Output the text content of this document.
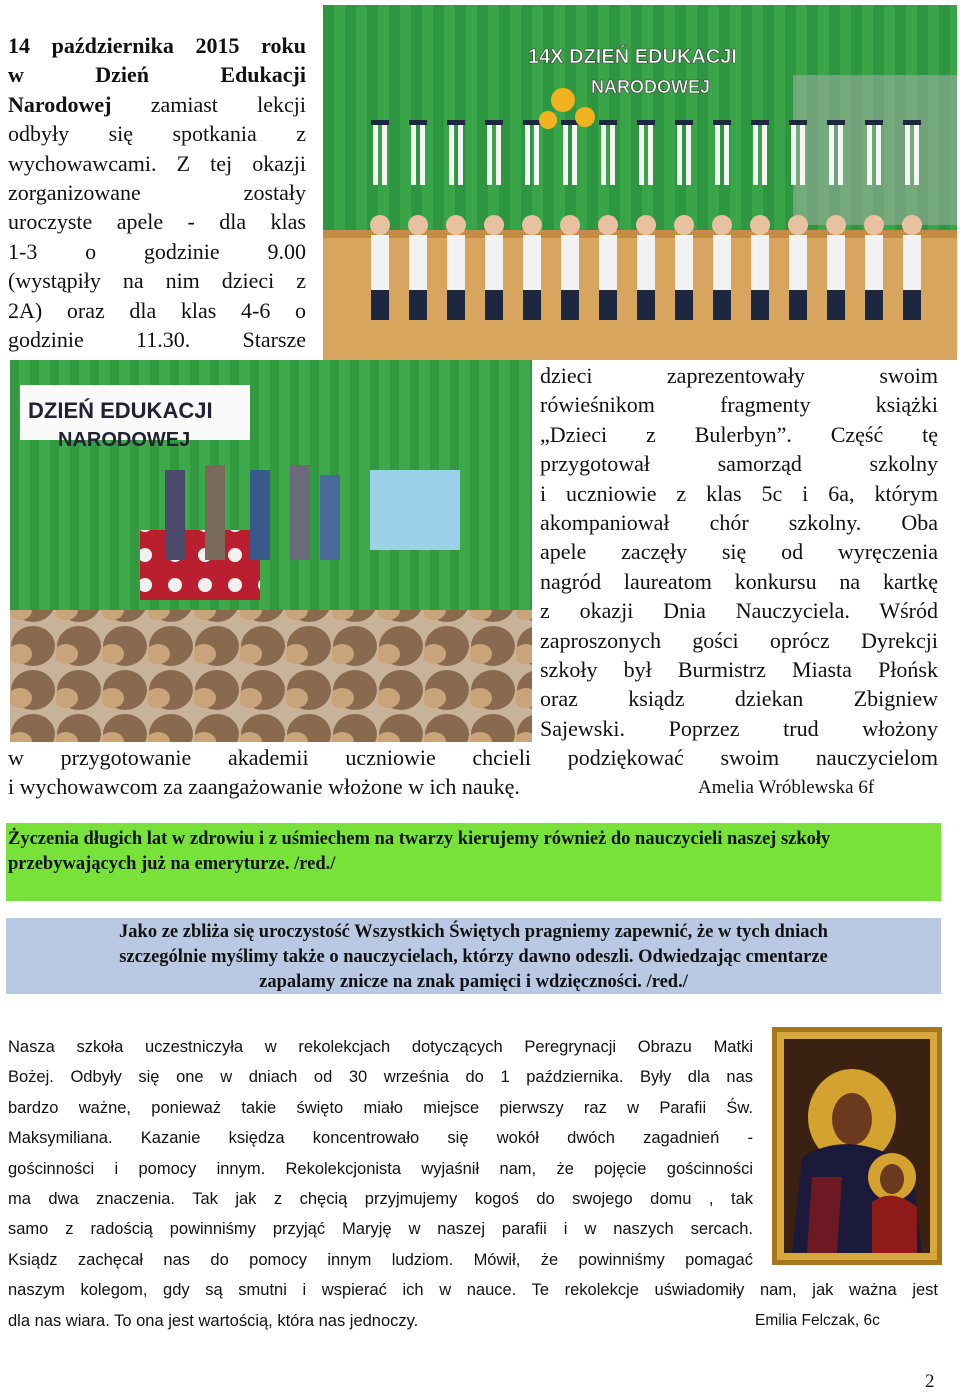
14 października 2015 roku
w Dzień Edukacji
Narodowej zamiast lekcji
odbyły się spotkania z
wychowawcami. Z tej okazji
zorganizowane zostały
uroczyste apele - dla klas
1-3 o godzinie 9.00
(wystąpiły na nim dzieci z
2A) oraz dla klas 4-6 o
godzinie 11.30. Starsze
14X DZIEŃ EDUKACJI
NARODOWEJ
DZIEŃ EDUKACJI
NARODOWEJ
dzieci zaprezentowały swoim
rówieśnikom fragmenty książki
„Dzieci z Bulerbyn”. Część tę
przygotował samorząd szkolny
i uczniowie z klas 5c i 6a, którym
akompaniował chór szkolny. Oba
apele zaczęły się od wyręczenia
nagród laureatom konkursu na kartkę
z okazji Dnia Nauczyciela. Wśród
zaproszonych gości oprócz Dyrekcji
szkoły był Burmistrz Miasta Płońsk
oraz ksiądz dziekan Zbigniew
Sajewski. Poprzez trud włożony
w przygotowanie akademii uczniowie chcieli podziękować swoim nauczycielom
i wychowawcom za zaangażowanie włożone w ich naukę.	Amelia Wróblewska 6f
Życzenia długich lat w zdrowiu i z uśmiechem na twarzy kierujemy również do nauczycieli naszej szkoły przebywających już na emeryturze. /red./
Jako ze zbliża się uroczystość Wszystkich Świętych pragniemy zapewnić, że w tych dniach
szczególnie myślimy także o nauczycielach, którzy dawno odeszli. Odwiedzając cmentarze
zapalamy znicze na znak pamięci i wdzięczności. /red./
Nasza szkoła uczestniczyła w rekolekcjach dotyczących Peregrynacji Obrazu Matki
Bożej. Odbyły się one w dniach od 30 września do 1 października. Były dla nas
bardzo ważne, ponieważ takie święto miało miejsce pierwszy raz w Parafii Św.
Maksymiliana. Kazanie księdza koncentrowało się wokół dwóch zagadnień -
gościnności i pomocy innym. Rekolekcjonista wyjaśnił nam, że pojęcie gościnności
ma dwa znaczenia. Tak jak z chęcią przyjmujemy kogoś do swojego domu , tak
samo z radością powinniśmy przyjąć Maryję w naszej parafii i w naszych sercach.
Ksiądz zachęcał nas do pomocy innym ludziom. Mówił, że powinniśmy pomagać
naszym kolegom, gdy są smutni i wspierać ich w nauce. Te rekolekcje uświadomiły nam, jak ważna jest
dla nas wiara. To ona jest wartością, która nas jednoczy.	Emilia Felczak, 6c
2
